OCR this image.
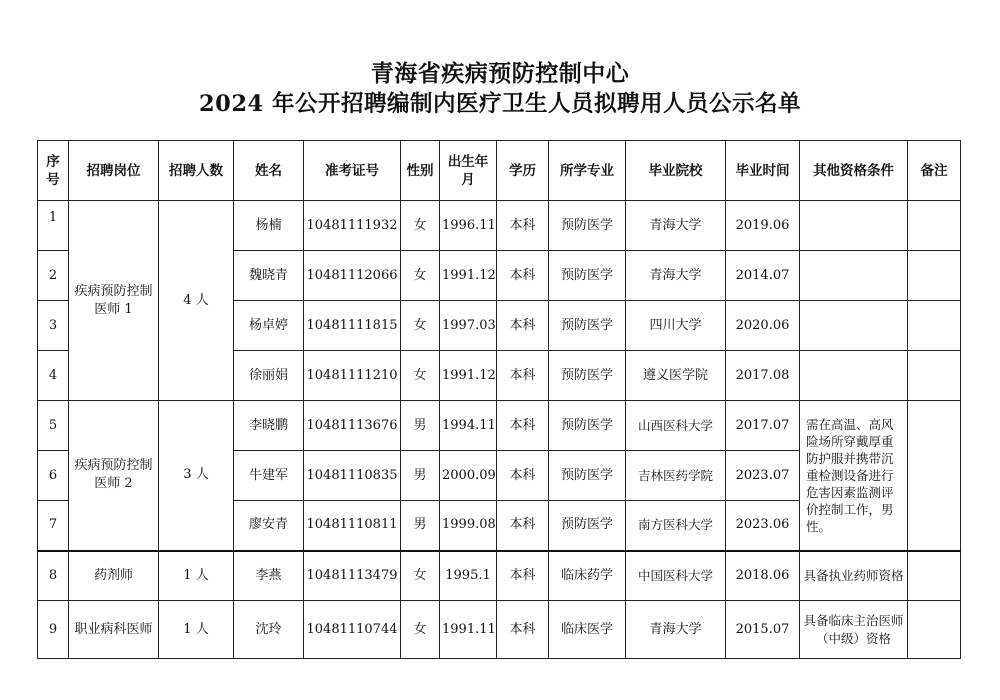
青海省疾病预防控制中心
2024 年公开招聘编制内医疗卫生人员拟聘用人员公示名单
序号	招聘岗位	招聘人数	姓名	准考证号	性别	出生年月	学历	所学专业	毕业院校	毕业时间	其他资格条件	备注
1	疾病预防控制医师 1	4 人	杨楠	10481111932	女	1996.11	本科	预防医学	青海大学	2019.06		
2			魏晓青	10481112066	女	1991.12	本科	预防医学	青海大学	2014.07		
3			杨卓婷	10481111815	女	1997.03	本科	预防医学	四川大学	2020.06		
4			徐丽娟	10481111210	女	1991.12	本科	预防医学	遵义医学院	2017.08		
5	疾病预防控制医师 2	3 人	李晓鹏	10481113676	男	1994.11	本科	预防医学	山西医科大学	2017.07	需在高温、高风险场所穿戴厚重防护服并携带沉重检测设备进行危害因素监测评价控制工作，男性。	
6			牛建军	10481110835	男	2000.09	本科	预防医学	吉林医药学院	2023.07		
7			廖安青	10481110811	男	1999.08	本科	预防医学	南方医科大学	2023.06		
8	药剂师	1 人	李燕	10481113479	女	1995.1	本科	临床药学	中国医科大学	2018.06	具备执业药师资格	
9	职业病科医师	1 人	沈玲	10481110744	女	1991.11	本科	临床医学	青海大学	2015.07	具备临床主治医师（中级）资格	
